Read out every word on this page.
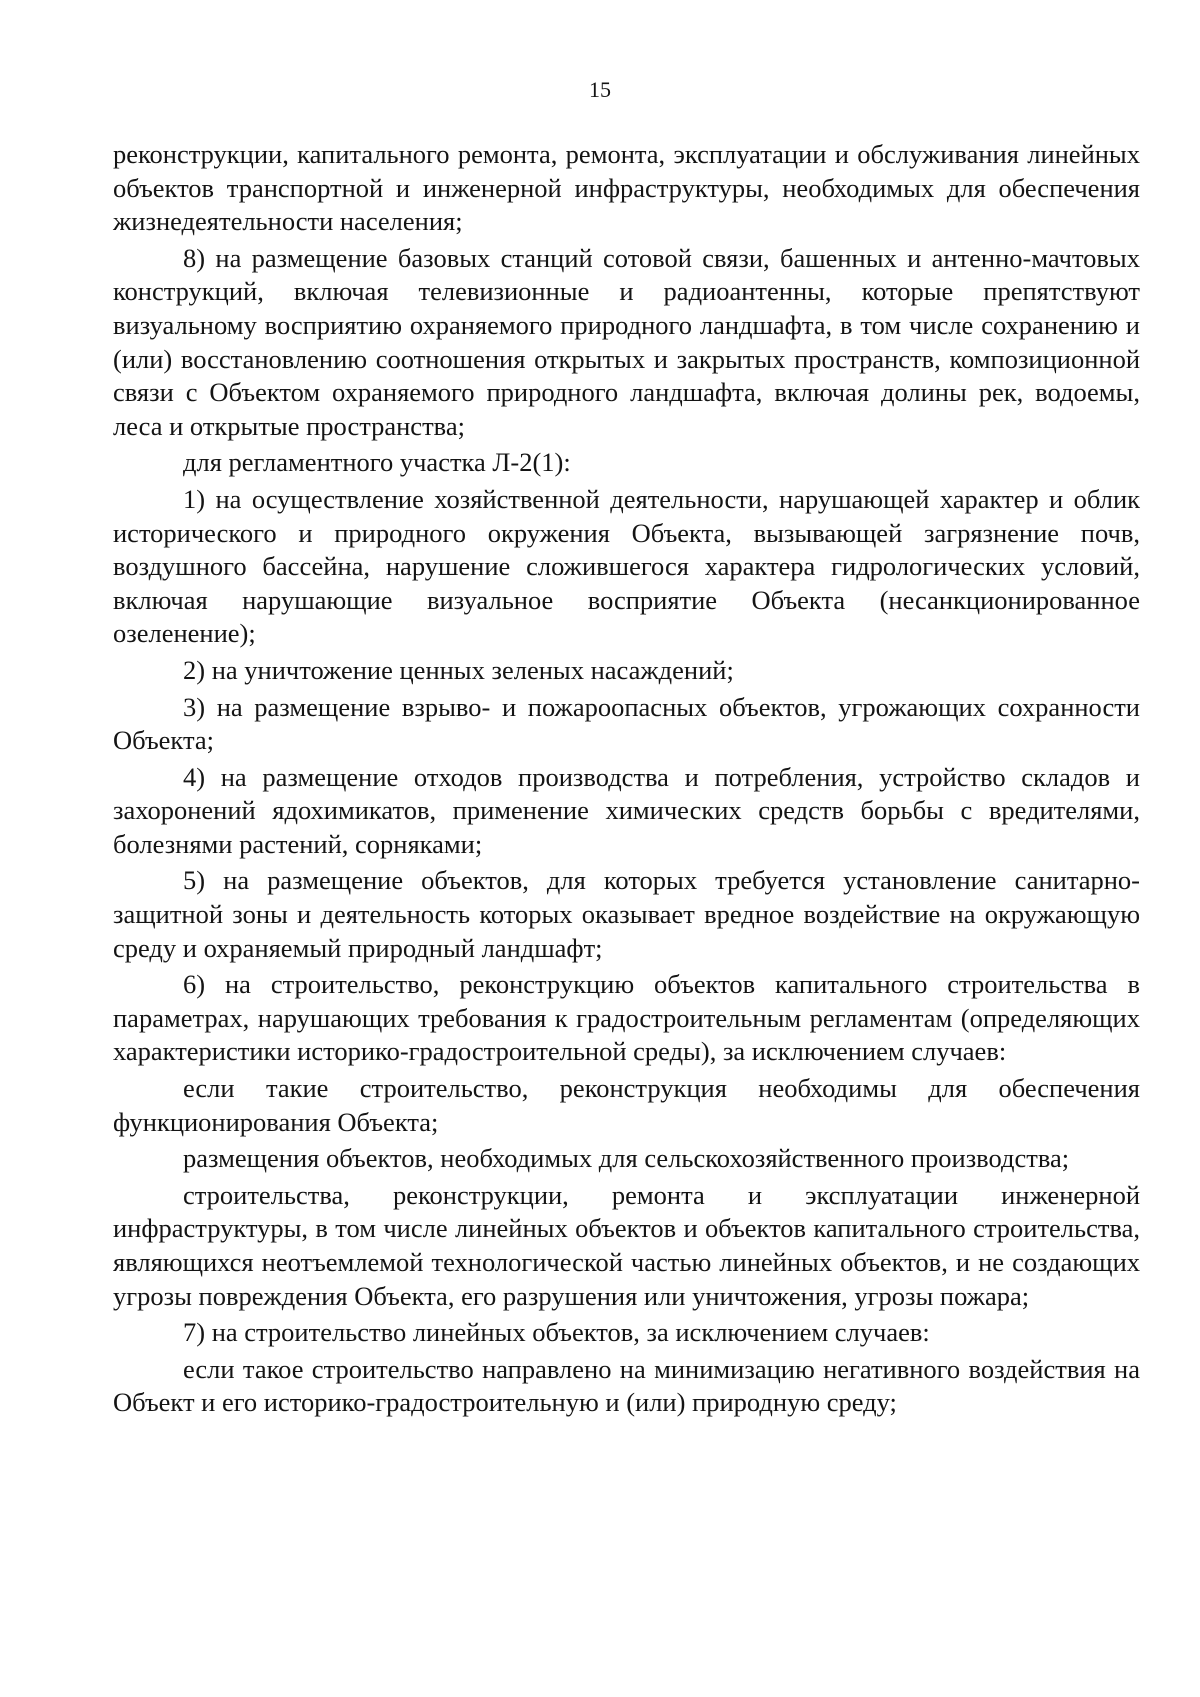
15

реконструкции, капитального ремонта, ремонта, эксплуатации и обслуживания линейных объектов транспортной и инженерной инфраструктуры, необходимых для обеспечения жизнедеятельности населения;

8) на размещение базовых станций сотовой связи, башенных и антенно-мачтовых конструкций, включая телевизионные и радиоантенны, которые препятствуют визуальному восприятию охраняемого природного ландшафта, в том числе сохранению и (или) восстановлению соотношения открытых и закрытых пространств, композиционной связи с Объектом охраняемого природного ландшафта, включая долины рек, водоемы, леса и открытые пространства;

для регламентного участка Л-2(1):

1) на осуществление хозяйственной деятельности, нарушающей характер и облик исторического и природного окружения Объекта, вызывающей загрязнение почв, воздушного бассейна, нарушение сложившегося характера гидрологических условий, включая нарушающие визуальное восприятие Объекта (несанкционированное озеленение);

2) на уничтожение ценных зеленых насаждений;

3) на размещение взрыво- и пожароопасных объектов, угрожающих сохранности Объекта;

4) на размещение отходов производства и потребления, устройство складов и захоронений ядохимикатов, применение химических средств борьбы с вредителями, болезнями растений, сорняками;

5) на размещение объектов, для которых требуется установление санитарно-защитной зоны и деятельность которых оказывает вредное воздействие на окружающую среду и охраняемый природный ландшафт;

6) на строительство, реконструкцию объектов капитального строительства в параметрах, нарушающих требования к градостроительным регламентам (определяющих характеристики историко-градостроительной среды), за исключением случаев:

если такие строительство, реконструкция необходимы для обеспечения функционирования Объекта;

размещения объектов, необходимых для сельскохозяйственного производства;

строительства, реконструкции, ремонта и эксплуатации инженерной инфраструктуры, в том числе линейных объектов и объектов капитального строительства, являющихся неотъемлемой технологической частью линейных объектов, и не создающих угрозы повреждения Объекта, его разрушения или уничтожения, угрозы пожара;

7) на строительство линейных объектов, за исключением случаев:

если такое строительство направлено на минимизацию негативного воздействия на Объект и его историко-градостроительную и (или) природную среду;
